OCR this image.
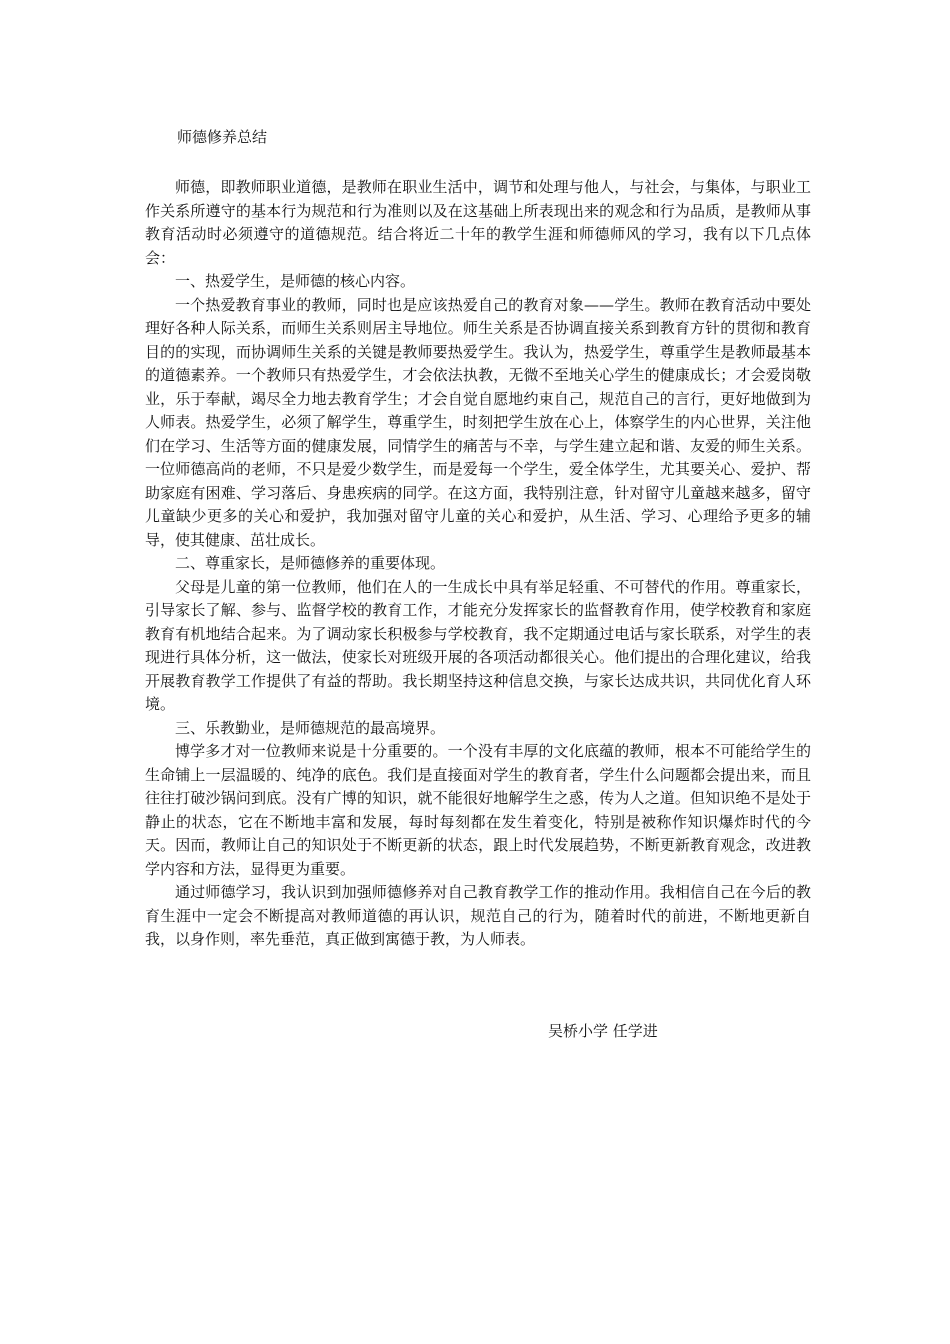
师德修养总结

师德，即教师职业道德，是教师在职业生活中，调节和处理与他人，与社会，与集体，与职业工作关系所遵守的基本行为规范和行为准则以及在这基础上所表现出来的观念和行为品质，是教师从事教育活动时必须遵守的道德规范。结合将近二十年的教学生涯和师德师风的学习，我有以下几点体会：

一、热爱学生，是师德的核心内容。

一个热爱教育事业的教师，同时也是应该热爱自己的教育对象——学生。教师在教育活动中要处理好各种人际关系，而师生关系则居主导地位。师生关系是否协调直接关系到教育方针的贯彻和教育目的的实现，而协调师生关系的关键是教师要热爱学生。我认为，热爱学生，尊重学生是教师最基本的道德素养。一个教师只有热爱学生，才会依法执教，无微不至地关心学生的健康成长；才会爱岗敬业，乐于奉献，竭尽全力地去教育学生；才会自觉自愿地约束自己，规范自己的言行，更好地做到为人师表。热爱学生，必须了解学生，尊重学生，时刻把学生放在心上，体察学生的内心世界，关注他们在学习、生活等方面的健康发展，同情学生的痛苦与不幸，与学生建立起和谐、友爱的师生关系。一位师德高尚的老师，不只是爱少数学生，而是爱每一个学生，爱全体学生，尤其要关心、爱护、帮助家庭有困难、学习落后、身患疾病的同学。在这方面，我特别注意，针对留守儿童越来越多，留守儿童缺少更多的关心和爱护，我加强对留守儿童的关心和爱护，从生活、学习、心理给予更多的辅导，使其健康、茁壮成长。

二、尊重家长，是师德修养的重要体现。

父母是儿童的第一位教师，他们在人的一生成长中具有举足轻重、不可替代的作用。尊重家长，引导家长了解、参与、监督学校的教育工作，才能充分发挥家长的监督教育作用，使学校教育和家庭教育有机地结合起来。为了调动家长积极参与学校教育，我不定期通过电话与家长联系，对学生的表现进行具体分析，这一做法，使家长对班级开展的各项活动都很关心。他们提出的合理化建议，给我开展教育教学工作提供了有益的帮助。我长期坚持这种信息交换，与家长达成共识，共同优化育人环境。

三、乐教勤业，是师德规范的最高境界。

博学多才对一位教师来说是十分重要的。一个没有丰厚的文化底蕴的教师，根本不可能给学生的生命铺上一层温暖的、纯净的底色。我们是直接面对学生的教育者，学生什么问题都会提出来，而且往往打破沙锅问到底。没有广博的知识，就不能很好地解学生之惑，传为人之道。但知识绝不是处于静止的状态，它在不断地丰富和发展，每时每刻都在发生着变化，特别是被称作知识爆炸时代的今天。因而，教师让自己的知识处于不断更新的状态，跟上时代发展趋势，不断更新教育观念，改进教学内容和方法，显得更为重要。

通过师德学习，我认识到加强师德修养对自己教育教学工作的推动作用。我相信自己在今后的教育生涯中一定会不断提高对教师道德的再认识，规范自己的行为，随着时代的前进，不断地更新自我，以身作则，率先垂范，真正做到寓德于教，为人师表。

吴桥小学 任学进
